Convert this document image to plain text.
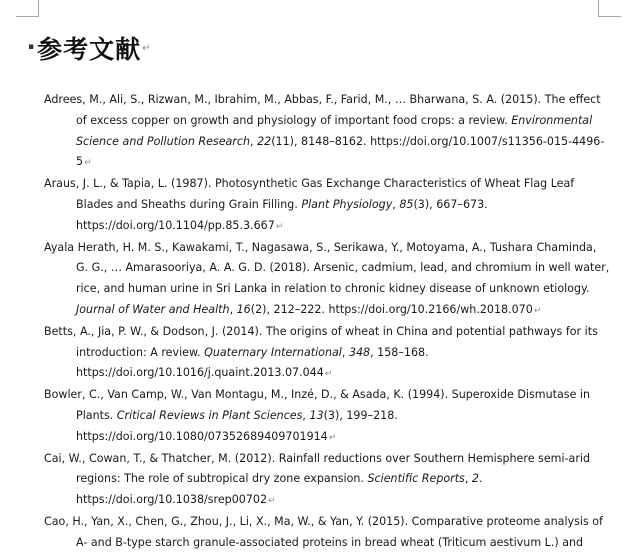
▪ 参考文献 ↵

Adrees, M., Ali, S., Rizwan, M., Ibrahim, M., Abbas, F., Farid, M., … Bharwana, S. A. (2015). The effect of excess copper on growth and physiology of important food crops: a review. Environmental Science and Pollution Research, 22(11), 8148–8162. https://doi.org/10.1007/s11356-015-4496-5↵

Araus, J. L., & Tapia, L. (1987). Photosynthetic Gas Exchange Characteristics of Wheat Flag Leaf Blades and Sheaths during Grain Filling. Plant Physiology, 85(3), 667–673. https://doi.org/10.1104/pp.85.3.667↵

Ayala Herath, H. M. S., Kawakami, T., Nagasawa, S., Serikawa, Y., Motoyama, A., Tushara Chaminda, G. G., … Amarasooriya, A. A. G. D. (2018). Arsenic, cadmium, lead, and chromium in well water, rice, and human urine in Sri Lanka in relation to chronic kidney disease of unknown etiology. Journal of Water and Health, 16(2), 212–222. https://doi.org/10.2166/wh.2018.070↵

Betts, A., Jia, P. W., & Dodson, J. (2014). The origins of wheat in China and potential pathways for its introduction: A review. Quaternary International, 348, 158–168. https://doi.org/10.1016/j.quaint.2013.07.044↵

Bowler, C., Van Camp, W., Van Montagu, M., Inzé, D., & Asada, K. (1994). Superoxide Dismutase in Plants. Critical Reviews in Plant Sciences, 13(3), 199–218. https://doi.org/10.1080/07352689409701914↵

Cai, W., Cowan, T., & Thatcher, M. (2012). Rainfall reductions over Southern Hemisphere semi-arid regions: The role of subtropical dry zone expansion. Scientific Reports, 2. https://doi.org/10.1038/srep00702↵

Cao, H., Yan, X., Chen, G., Zhou, J., Li, X., Ma, W., & Yan, Y. (2015). Comparative proteome analysis of A- and B-type starch granule-associated proteins in bread wheat (Triticum aestivum L.) and
